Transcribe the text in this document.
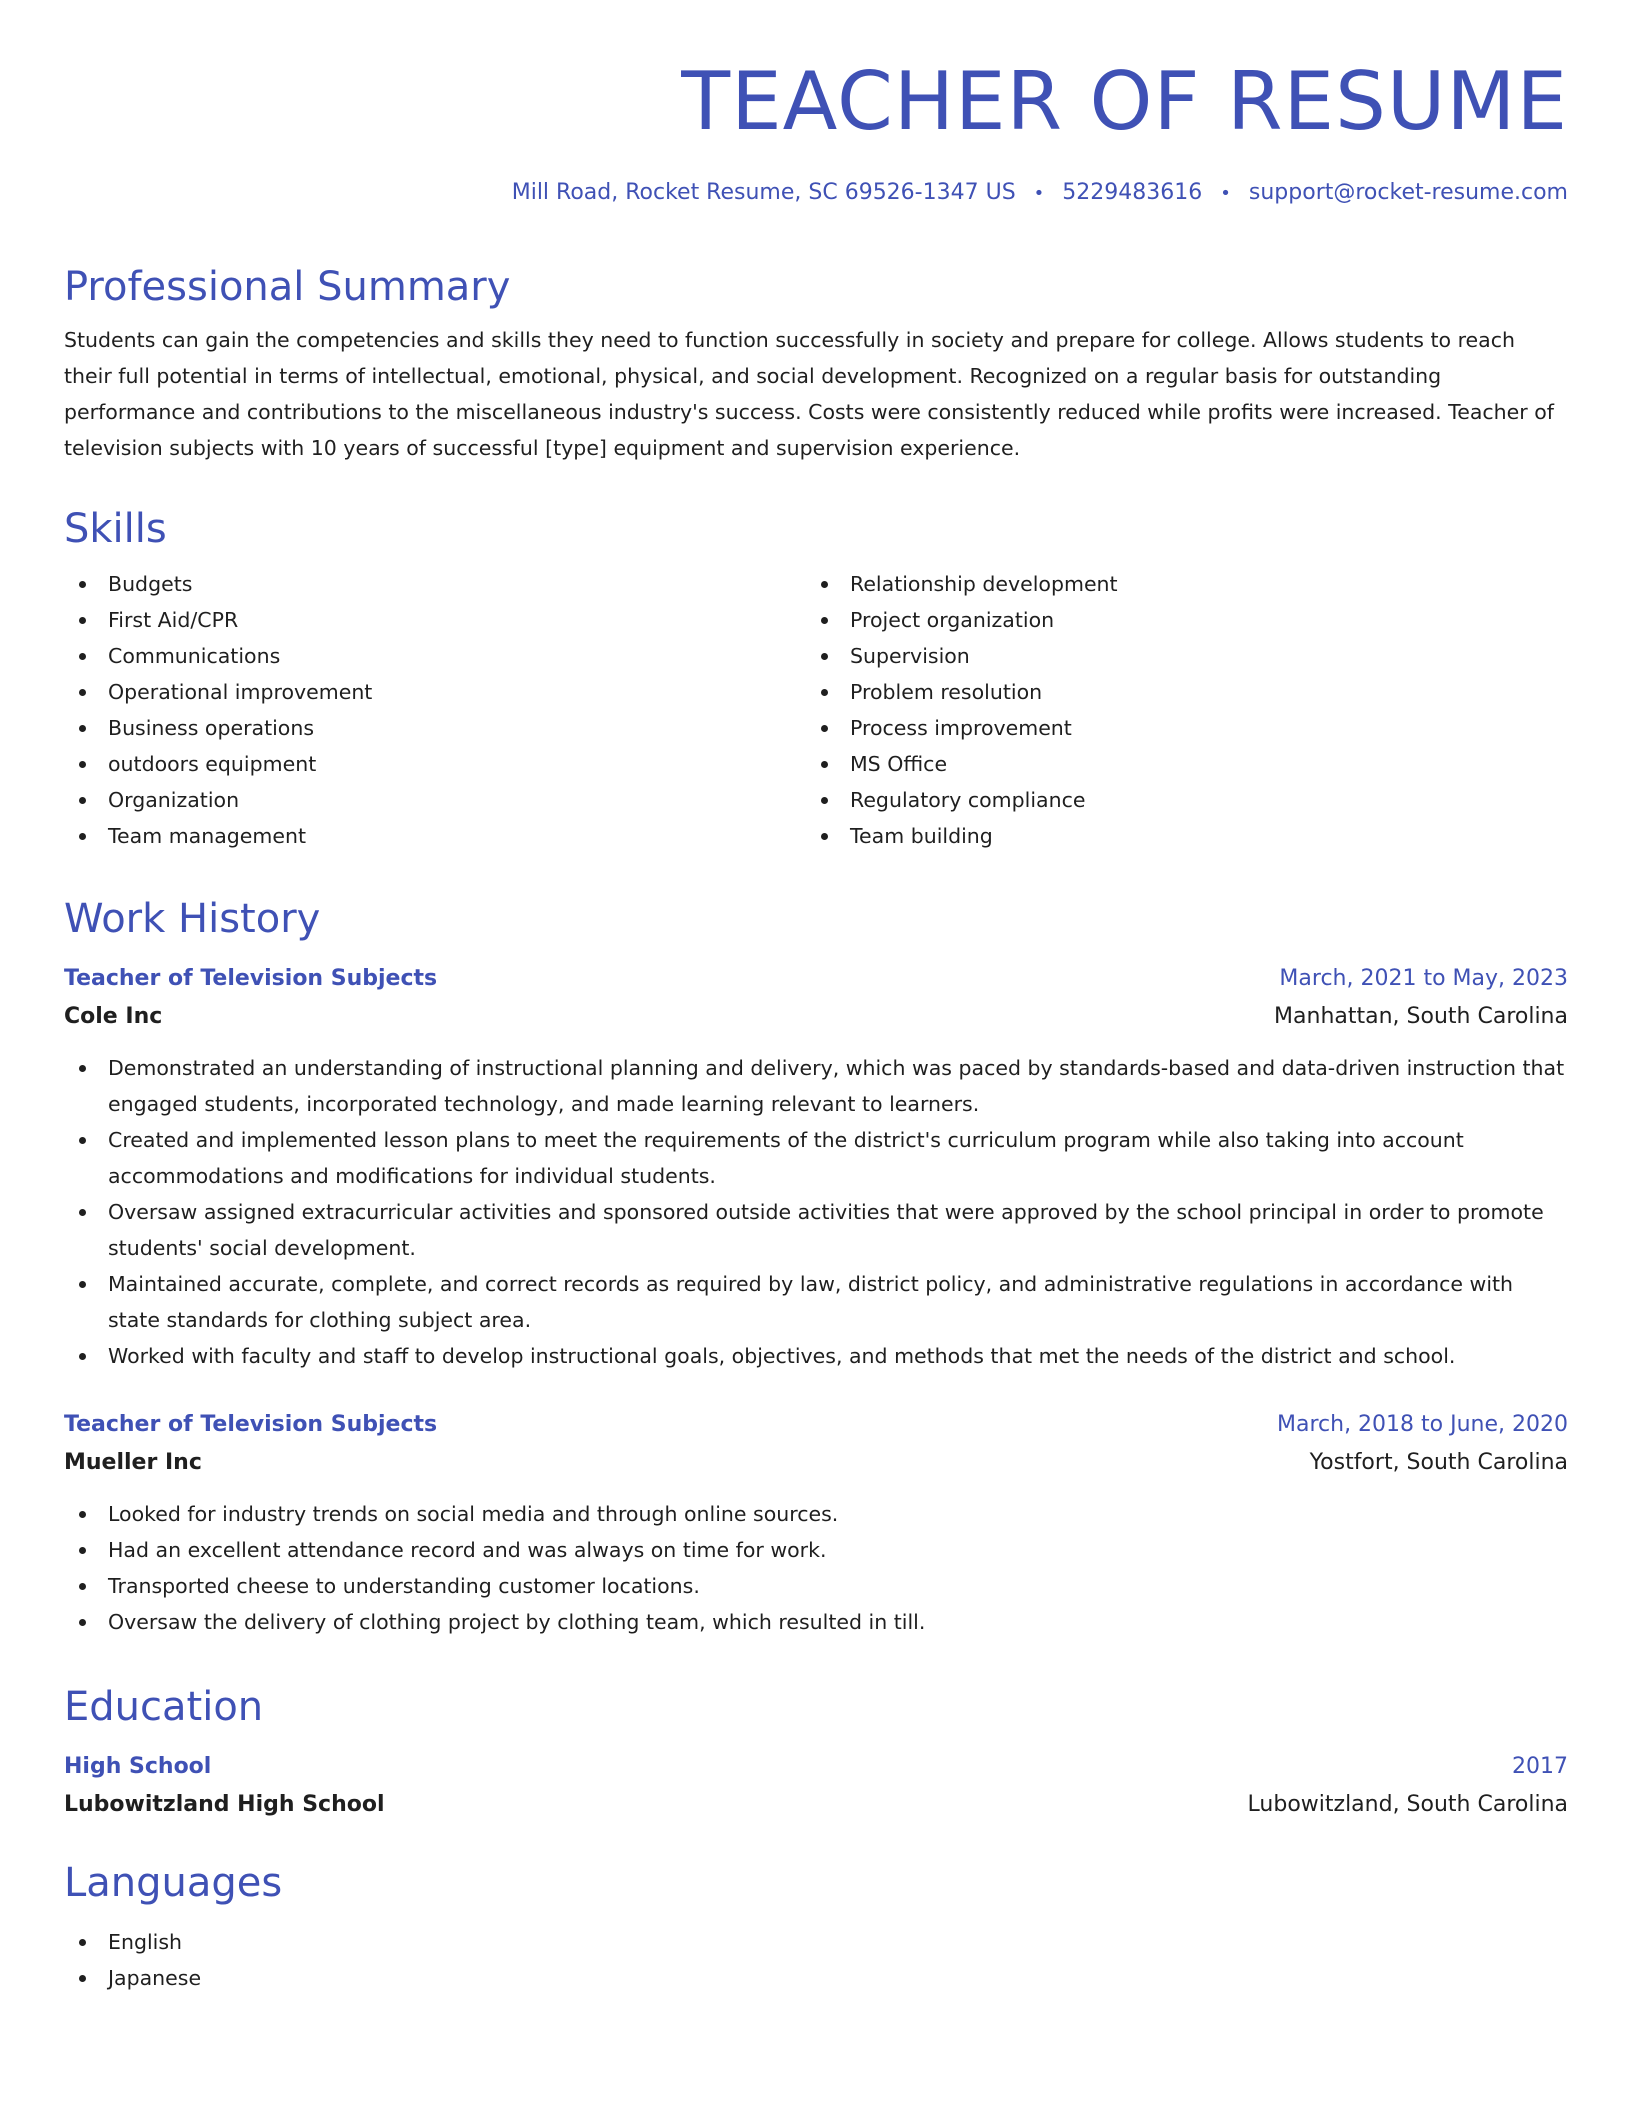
TEACHER OF RESUME
Mill Road, Rocket Resume, SC 69526-1347 US • 5229483616 • support@rocket-resume.com
Professional Summary

Students can gain the competencies and skills they need to function successfully in society and prepare for college. Allows students to reach their full potential in terms of intellectual, emotional, physical, and social development. Recognized on a regular basis for outstanding performance and contributions to the miscellaneous industry's success. Costs were consistently reduced while profits were increased. Teacher of television subjects with 10 years of successful [type] equipment and supervision experience.

Skills
Budgets
First Aid/CPR
Communications
Operational improvement
Business operations
outdoors equipment
Organization
Team management
Relationship development
Project organization
Supervision
Problem resolution
Process improvement
MS Office
Regulatory compliance
Team building
Work History
Teacher of Television Subjects	March, 2021 to May, 2023
Cole Inc	Manhattan, South Carolina
Demonstrated an understanding of instructional planning and delivery, which was paced by standards-based and data-driven instruction that engaged students, incorporated technology, and made learning relevant to learners.
Created and implemented lesson plans to meet the requirements of the district's curriculum program while also taking into account accommodations and modifications for individual students.
Oversaw assigned extracurricular activities and sponsored outside activities that were approved by the school principal in order to promote students' social development.
Maintained accurate, complete, and correct records as required by law, district policy, and administrative regulations in accordance with state standards for clothing subject area.
Worked with faculty and staff to develop instructional goals, objectives, and methods that met the needs of the district and school.
Teacher of Television Subjects	March, 2018 to June, 2020
Mueller Inc	Yostfort, South Carolina
Looked for industry trends on social media and through online sources.
Had an excellent attendance record and was always on time for work.
Transported cheese to understanding customer locations.
Oversaw the delivery of clothing project by clothing team, which resulted in till.
Education
High School	2017
Lubowitzland High School	Lubowitzland, South Carolina
Languages
English
Japanese
